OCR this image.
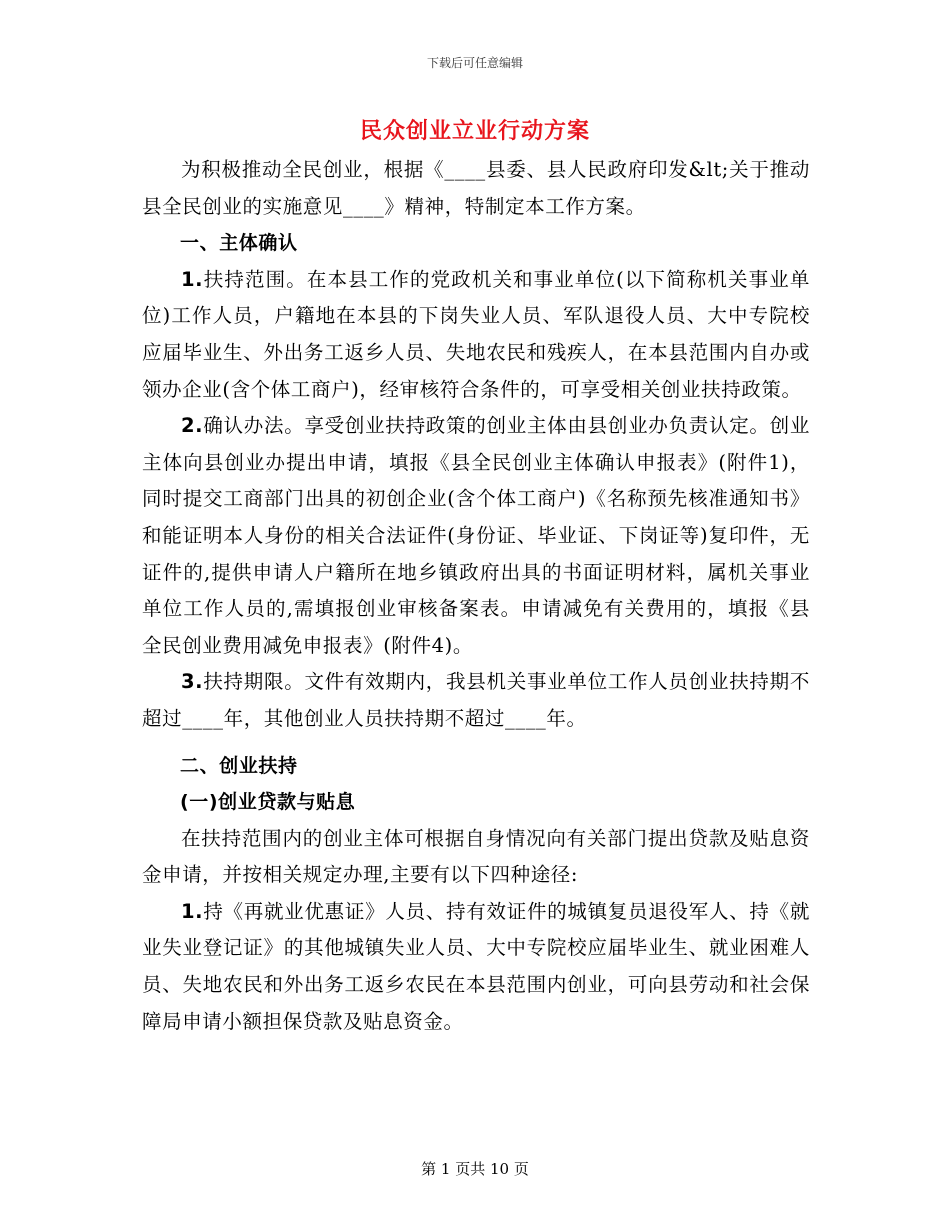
下载后可任意编辑
民众创业立业行动方案

为积极推动全民创业，根据《____县委、县人民政府印发&lt;关于推动县全民创业的实施意见____》精神，特制定本工作方案。

一、主体确认

1.扶持范围。在本县工作的党政机关和事业单位(以下简称机关事业单位)工作人员，户籍地在本县的下岗失业人员、军队退役人员、大中专院校应届毕业生、外出务工返乡人员、失地农民和残疾人，在本县范围内自办或领办企业(含个体工商户)，经审核符合条件的，可享受相关创业扶持政策。

2.确认办法。享受创业扶持政策的创业主体由县创业办负责认定。创业主体向县创业办提出申请，填报《县全民创业主体确认申报表》(附件1)，同时提交工商部门出具的初创企业(含个体工商户)《名称预先核准通知书》和能证明本人身份的相关合法证件(身份证、毕业证、下岗证等)复印件，无证件的,提供申请人户籍所在地乡镇政府出具的书面证明材料，属机关事业单位工作人员的,需填报创业审核备案表。申请减免有关费用的，填报《县全民创业费用减免申报表》(附件4)。

3.扶持期限。文件有效期内，我县机关事业单位工作人员创业扶持期不超过____年，其他创业人员扶持期不超过____年。

二、创业扶持

(一)创业贷款与贴息

在扶持范围内的创业主体可根据自身情况向有关部门提出贷款及贴息资金申请，并按相关规定办理,主要有以下四种途径:

1.持《再就业优惠证》人员、持有效证件的城镇复员退役军人、持《就业失业登记证》的其他城镇失业人员、大中专院校应届毕业生、就业困难人员、失地农民和外出务工返乡农民在本县范围内创业，可向县劳动和社会保障局申请小额担保贷款及贴息资金。

第 1 页共 10 页
